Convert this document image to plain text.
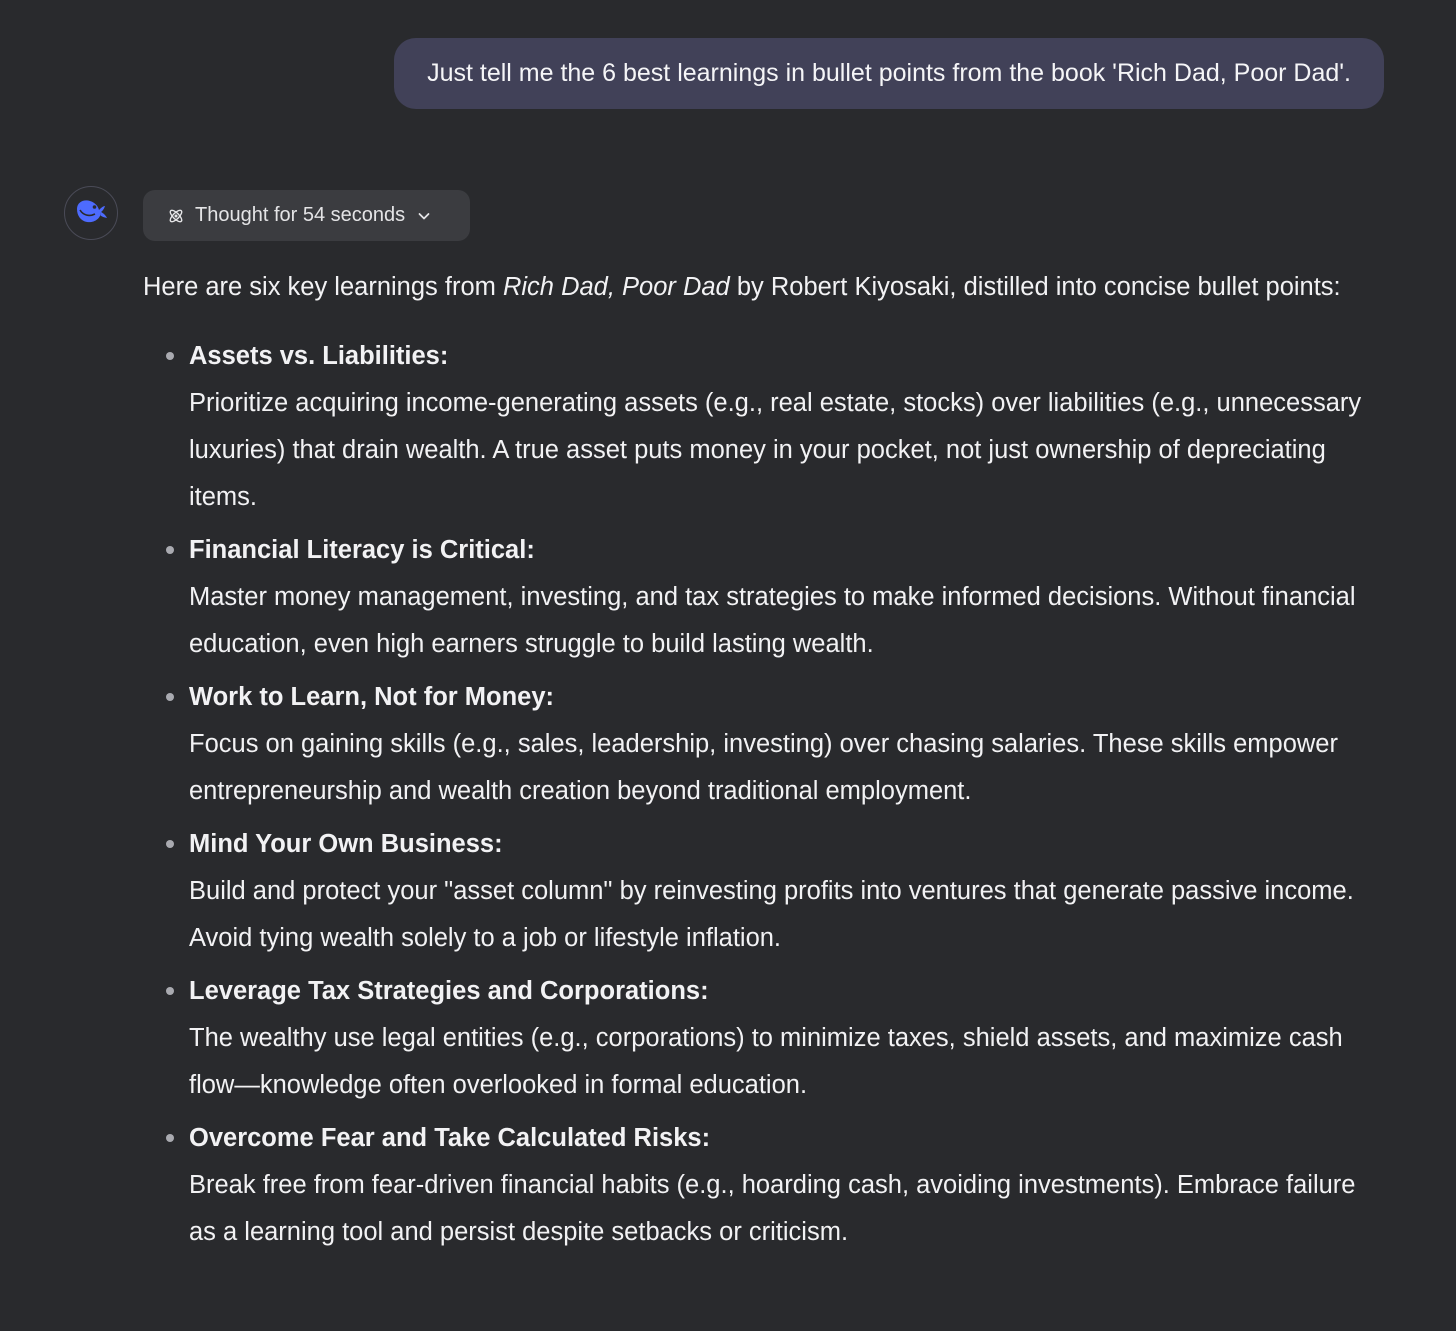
Just tell me the 6 best learnings in bullet points from the book 'Rich Dad, Poor Dad'.
Thought for 54 seconds

Here are six key learnings from Rich Dad, Poor Dad by Robert Kiyosaki, distilled into concise bullet points:

Assets vs. Liabilities:
Prioritize acquiring income-generating assets (e.g., real estate, stocks) over liabilities (e.g., unnecessary luxuries) that drain wealth. A true asset puts money in your pocket, not just ownership of depreciating items.
Financial Literacy is Critical:
Master money management, investing, and tax strategies to make informed decisions. Without financial education, even high earners struggle to build lasting wealth.
Work to Learn, Not for Money:
Focus on gaining skills (e.g., sales, leadership, investing) over chasing salaries. These skills empower entrepreneurship and wealth creation beyond traditional employment.
Mind Your Own Business:
Build and protect your "asset column" by reinvesting profits into ventures that generate passive income. Avoid tying wealth solely to a job or lifestyle inflation.
Leverage Tax Strategies and Corporations:
The wealthy use legal entities (e.g., corporations) to minimize taxes, shield assets, and maximize cash flow—knowledge often overlooked in formal education.
Overcome Fear and Take Calculated Risks:
Break free from fear-driven financial habits (e.g., hoarding cash, avoiding investments). Embrace failure as a learning tool and persist despite setbacks or criticism.
